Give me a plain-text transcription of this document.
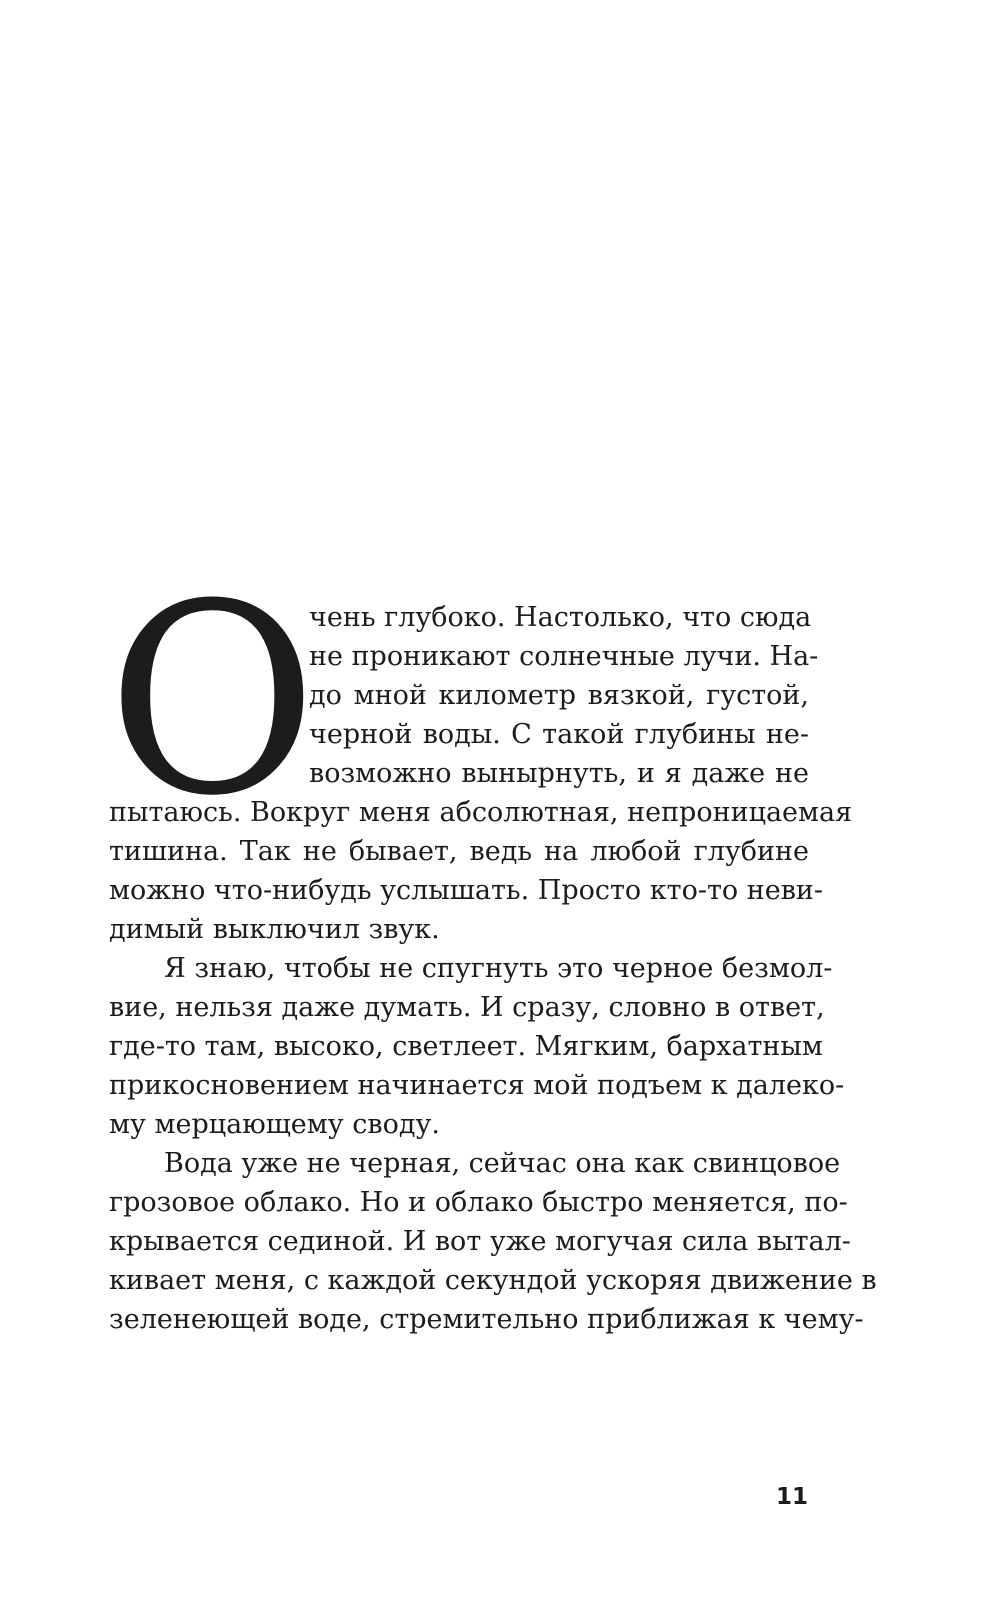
О
чень глубоко. Настолько, что сюда
не проникают солнечные лучи. На-
до мной километр вязкой, густой,
черной воды. С такой глубины не-
возможно вынырнуть, и я даже не
пытаюсь. Вокруг меня абсолютная, непроницаемая
тишина. Так не бывает, ведь на любой глубине
можно что-нибудь услышать. Просто кто-то неви-
димый выключил звук.
Я знаю, чтобы не спугнуть это черное безмол-
вие, нельзя даже думать. И сразу, словно в ответ,
где-то там, высоко, светлеет. Мягким, бархатным
прикосновением начинается мой подъем к далеко-
му мерцающему своду.
Вода уже не черная, сейчас она как свинцовое
грозовое облако. Но и облако быстро меняется, по-
крывается сединой. И вот уже могучая сила вытал-
кивает меня, с каждой секундой ускоряя движение в
зеленеющей воде, стремительно приближая к чему-
11
